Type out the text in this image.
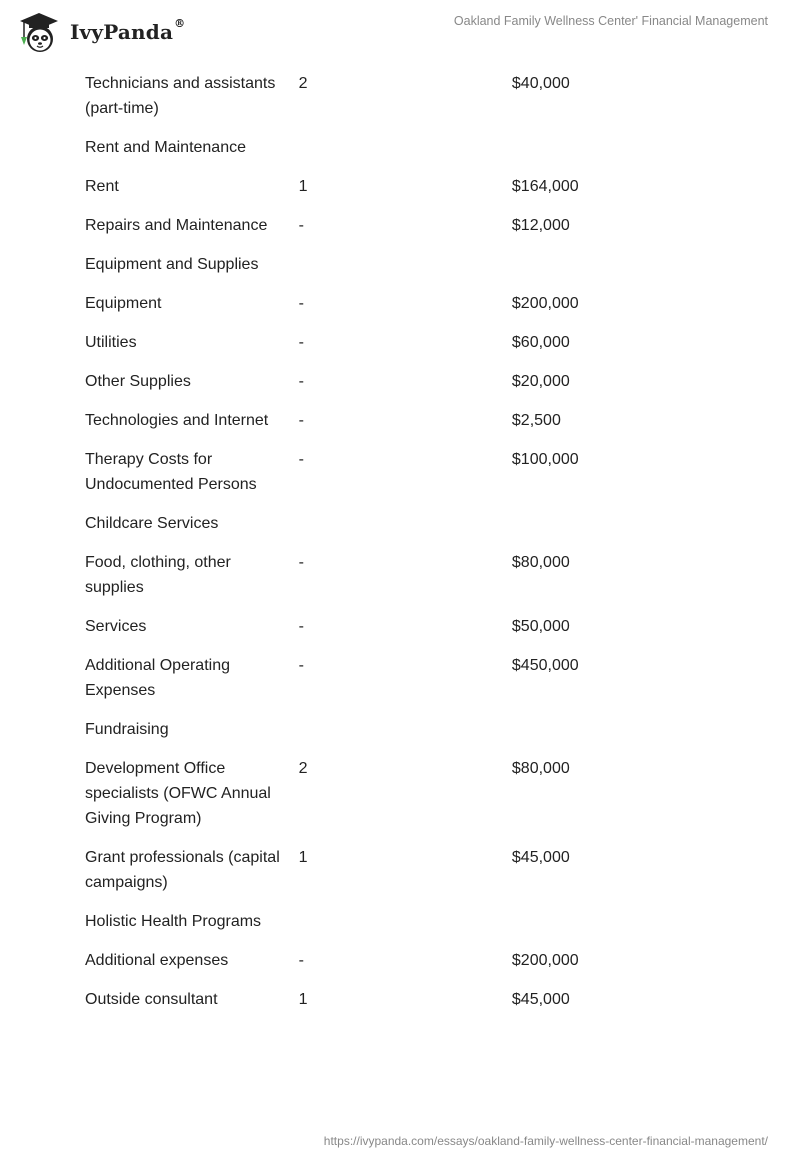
IvyPanda ®	Oakland Family Wellness Center' Financial Management
Technicians and assistants (part-time)	2	$40,000
Rent and Maintenance		
Rent	1	$164,000
Repairs and Maintenance	-	$12,000
Equipment and Supplies		
Equipment	-	$200,000
Utilities	-	$60,000
Other Supplies	-	$20,000
Technologies and Internet	-	$2,500
Therapy Costs for Undocumented Persons	-	$100,000
Childcare Services		
Food, clothing, other supplies	-	$80,000
Services	-	$50,000
Additional Operating Expenses	-	$450,000
Fundraising		
Development Office specialists (OFWC Annual Giving Program)	2	$80,000
Grant professionals (capital campaigns)	1	$45,000
Holistic Health Programs		
Additional expenses	-	$200,000
Outside consultant	1	$45,000
https://ivypanda.com/essays/oakland-family-wellness-center-financial-management/
